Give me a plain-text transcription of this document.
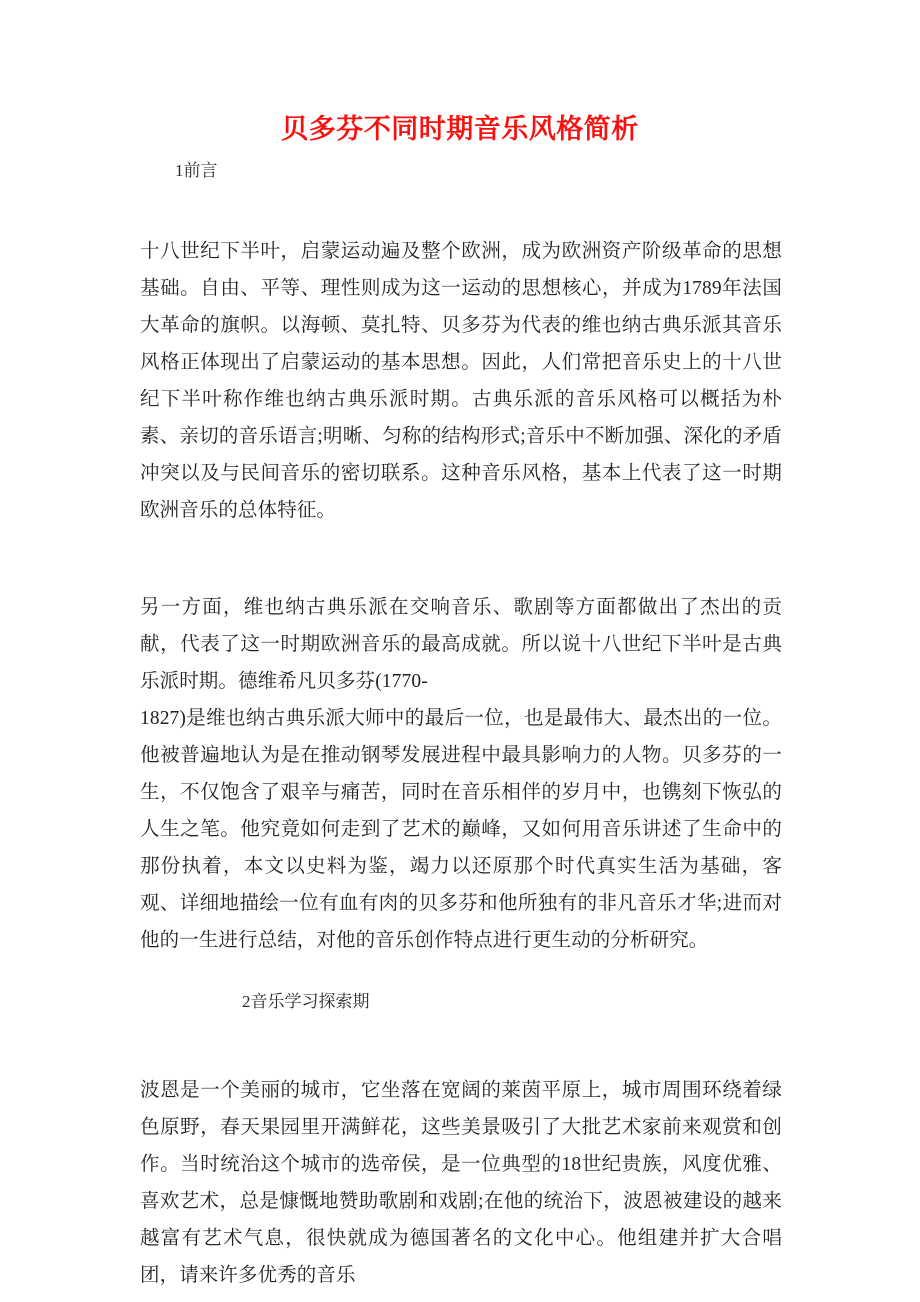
贝多芬不同时期音乐风格简析

1前言

十八世纪下半叶，启蒙运动遍及整个欧洲，成为欧洲资产阶级革命的思想基础。自由、平等、理性则成为这一运动的思想核心，并成为1789年法国大革命的旗帜。以海顿、莫扎特、贝多芬为代表的维也纳古典乐派其音乐风格正体现出了启蒙运动的基本思想。因此，人们常把音乐史上的十八世纪下半叶称作维也纳古典乐派时期。古典乐派的音乐风格可以概括为朴素、亲切的音乐语言;明晰、匀称的结构形式;音乐中不断加强、深化的矛盾冲突以及与民间音乐的密切联系。这种音乐风格，基本上代表了这一时期欧洲音乐的总体特征。

另一方面，维也纳古典乐派在交响音乐、歌剧等方面都做出了杰出的贡献，代表了这一时期欧洲音乐的最高成就。所以说十八世纪下半叶是古典乐派时期。德维希凡贝多芬(1770-

1827)是维也纳古典乐派大师中的最后一位，也是最伟大、最杰出的一位。他被普遍地认为是在推动钢琴发展进程中最具影响力的人物。贝多芬的一生，不仅饱含了艰辛与痛苦，同时在音乐相伴的岁月中，也镌刻下恢弘的人生之笔。他究竟如何走到了艺术的巅峰，又如何用音乐讲述了生命中的那份执着，本文以史料为鉴，竭力以还原那个时代真实生活为基础，客观、详细地描绘一位有血有肉的贝多芬和他所独有的非凡音乐才华;进而对他的一生进行总结，对他的音乐创作特点进行更生动的分析研究。

2音乐学习探索期

波恩是一个美丽的城市，它坐落在宽阔的莱茵平原上，城市周围环绕着绿色原野，春天果园里开满鲜花，这些美景吸引了大批艺术家前来观赏和创作。当时统治这个城市的选帝侯，是一位典型的18世纪贵族，风度优雅、喜欢艺术，总是慷慨地赞助歌剧和戏剧;在他的统治下，波恩被建设的越来越富有艺术气息，很快就成为德国著名的文化中心。他组建并扩大合唱团，请来许多优秀的音乐
